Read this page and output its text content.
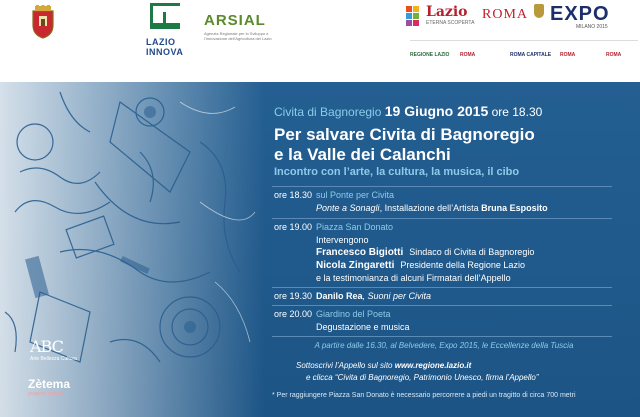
LAZIO
INNOVA
ARSIAL
Agenzia Regionale per lo Sviluppo e l'Innovazione dell'Agricoltura del Lazio
Lazio
ETERNA SCOPERTA
ROMA EXPO
MILANO 2015
REGIONE LAZIO ROMA	ROMA CAPITALE ROMA	ROMA
ABC
Arte Bellezza Cultura
Zètema
progetto cultura
Civita di Bagnoregio 19 Giugno 2015 ore 18.30
Per salvare Civita di Bagnoregio
e la Valle dei Calanchi
Incontro con l’arte, la cultura, la musica, il cibo
ore 18.30 sul Ponte per Civita
Ponte a Sonagli, Installazione dell’Artista Bruna Esposito
ore 19.00 Piazza San Donato
Intervengono
Francesco Bigiotti Sindaco di Civita di Bagnoregio
Nicola Zingaretti Presidente della Regione Lazio
e la testimonianza di alcuni Firmatari dell’Appello
ore 19.30 Danilo Rea, Suoni per Civita
ore 20.00 Giardino del Poeta
Degustazione e musica
A partire dalle 16.30, al Belvedere, Expo 2015, le Eccellenze della Tuscia
Sottoscrivi l’Appello sul sito www.regione.lazio.it
e clicca “Civita di Bagnoregio, Patrimonio Unesco, firma l’Appello”
* Per raggiungere Piazza San Donato è necessario percorrere a piedi un tragitto di circa 700 metri
